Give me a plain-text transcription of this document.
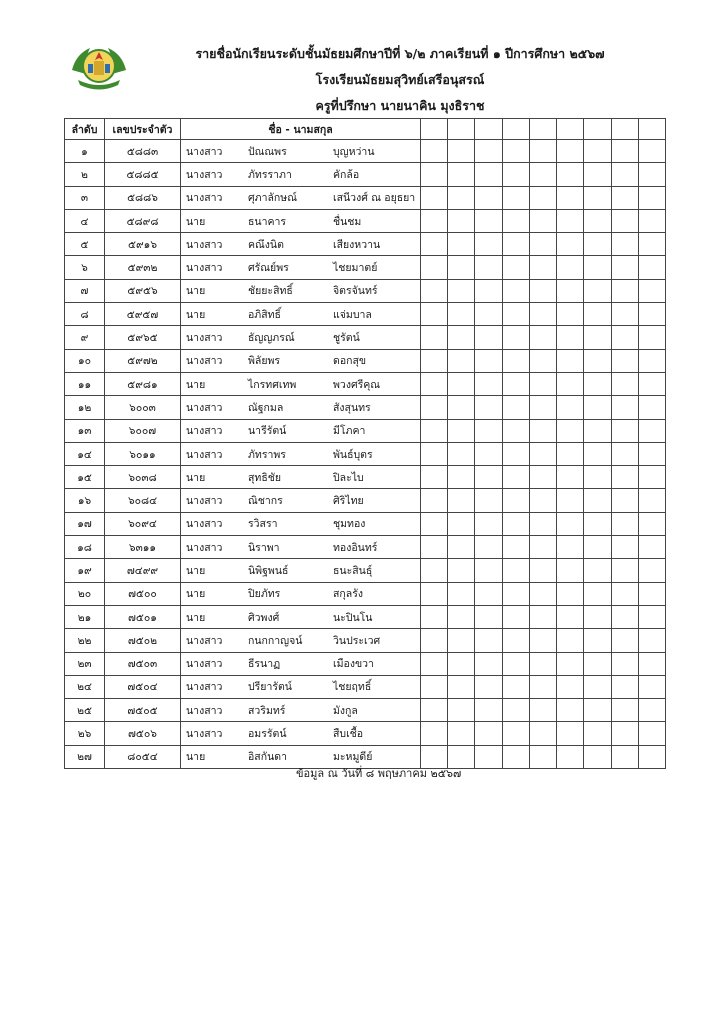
รายชื่อนักเรียนระดับชั้นมัธยมศึกษาปีที่ ๖/๒ ภาคเรียนที่ ๑ ปีการศึกษา ๒๕๖๗
โรงเรียนมัธยมสุวิทย์เสรีอนุสรณ์
ครูที่ปรึกษา นายนาคิน มุงธิราช
ลำดับ	เลขประจำตัว	ชื่อ - นามสกุล									
๑	๕๘๘๓	นางสาว ปัณณพร บุญหว่าน									

๒	๕๘๘๕	นางสาว ภัทรราภา คักล้อ									

๓	๕๘๘๖	นางสาว ศุภาลักษณ์ เสนีวงศ์ ณ อยุธยา									

๔	๕๘๙๘	นาย ธนาคาร ชื่นชม									

๕	๕๙๑๖	นางสาว คณึงนิต เสียงหวาน									

๖	๕๙๓๒	นางสาว ศรัณย์พร ไชยมาตย์									

๗	๕๙๕๖	นาย ชัยยะสิทธิ์ จิตรจันทร์									

๘	๕๙๕๗	นาย อภิสิทธิ์ แจ่มบาล									

๙	๕๙๖๕	นางสาว ธัญญภรณ์ ชูรัตน์									

๑๐	๕๙๗๒	นางสาว พิลัยพร ดอกสุข									

๑๑	๕๙๘๑	นาย ไกรทศเทพ พวงศรีคุณ									

๑๒	๖๐๐๓	นางสาว ณัฐกมล สังสุนทร									

๑๓	๖๐๐๗	นางสาว นารีรัตน์ มีโภคา									

๑๔	๖๐๑๑	นางสาว ภัทราพร พันธ์บุตร									

๑๕	๖๐๓๘	นาย สุทธิชัย ปิละไบ									

๑๖	๖๐๘๔	นางสาว ณิชากร ศิริไทย									

๑๗	๖๐๙๔	นางสาว รวิสรา ชุมทอง									

๑๘	๖๓๑๑	นางสาว นิราพา ทองอินทร์									

๑๙	๗๔๙๙	นาย นิพิฐพนธ์ ธนะสินธุ์									

๒๐	๗๕๐๐	นาย ปิยภัทร สกุลรัง									

๒๑	๗๕๐๑	นาย ศิวพงศ์ นะปินโน									

๒๒	๗๕๐๒	นางสาว กนกกาญจน์ วินประเวศ									

๒๓	๗๕๐๓	นางสาว ธีรนาฏ เมืองขวา									

๒๔	๗๕๐๔	นางสาว ปรียารัตน์ ไชยฤทธิ์									

๒๕	๗๕๐๕	นางสาว สวริมทร์ มังกูล									

๒๖	๗๕๐๖	นางสาว อมรรัตน์ สืบเชื้อ									

๒๗	๘๐๕๔	นาย อิสกันดา มะหมูดีย์									

ข้อมูล ณ วันที่ ๘ พฤษภาคม ๒๕๖๗
